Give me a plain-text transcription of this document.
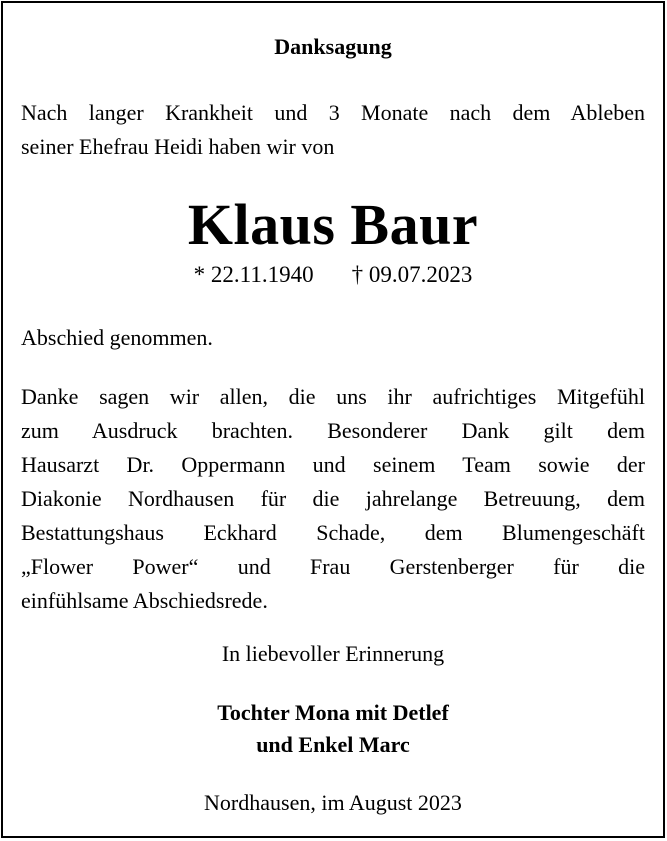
Danksagung

Nach langer Krankheit und 3 Monate nach dem Ableben
seiner Ehefrau Heidi haben wir von

Klaus Baur

* 22.11.1940 † 09.07.2023

Abschied genommen.

Danke sagen wir allen, die uns ihr aufrichtiges Mitgefühl
zum Ausdruck brachten. Besonderer Dank gilt dem
Hausarzt Dr. Oppermann und seinem Team sowie der
Diakonie Nordhausen für die jahrelange Betreuung, dem
Bestattungshaus Eckhard Schade, dem Blumengeschäft
„Flower Power“ und Frau Gerstenberger für die
einfühlsame Abschiedsrede.

In liebevoller Erinnerung

Tochter Mona mit Detlef
und Enkel Marc

Nordhausen, im August 2023
